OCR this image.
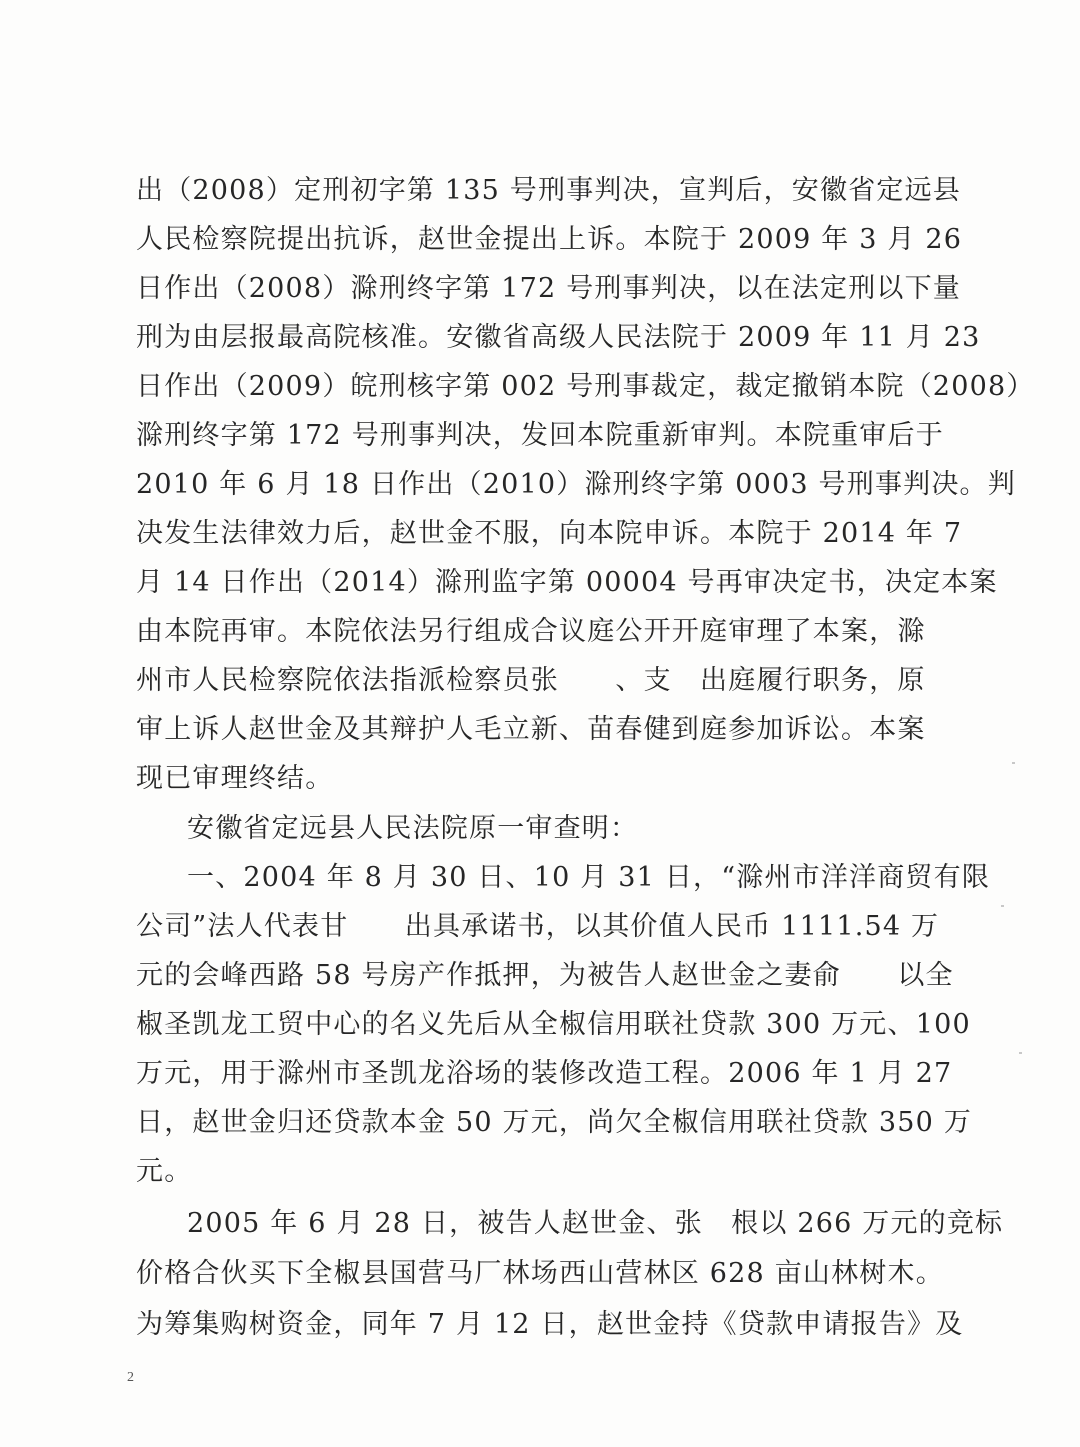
出（2008）定刑初字第 135 号刑事判决，宣判后，安徽省定远县
人民检察院提出抗诉，赵世金提出上诉。本院于 2009 年 3 月 26
日作出（2008）滁刑终字第 172 号刑事判决，以在法定刑以下量
刑为由层报最高院核准。安徽省高级人民法院于 2009 年 11 月 23
日作出（2009）皖刑核字第 002 号刑事裁定，裁定撤销本院（2008）
滁刑终字第 172 号刑事判决，发回本院重新审判。本院重审后于
2010 年 6 月 18 日作出（2010）滁刑终字第 0003 号刑事判决。判
决发生法律效力后，赵世金不服，向本院申诉。本院于 2014 年 7
月 14 日作出（2014）滁刑监字第 00004 号再审决定书，决定本案
由本院再审。本院依法另行组成合议庭公开开庭审理了本案，滁
州市人民检察院依法指派检察员张　　、支　出庭履行职务，原
审上诉人赵世金及其辩护人毛立新、苗春健到庭参加诉讼。本案
现已审理终结。
安徽省定远县人民法院原一审查明：
一、2004 年 8 月 30 日、10 月 31 日，“滁州市洋洋商贸有限
公司”法人代表甘　　出具承诺书，以其价值人民币 1111.54 万
元的会峰西路 58 号房产作抵押，为被告人赵世金之妻俞　　以全
椒圣凯龙工贸中心的名义先后从全椒信用联社贷款 300 万元、100
万元，用于滁州市圣凯龙浴场的装修改造工程。2006 年 1 月 27
日，赵世金归还贷款本金 50 万元，尚欠全椒信用联社贷款 350 万
元。
2005 年 6 月 28 日，被告人赵世金、张　根以 266 万元的竞标
价格合伙买下全椒县国营马厂林场西山营林区 628 亩山林树木。
为筹集购树资金，同年 7 月 12 日，赵世金持《贷款申请报告》及
2
